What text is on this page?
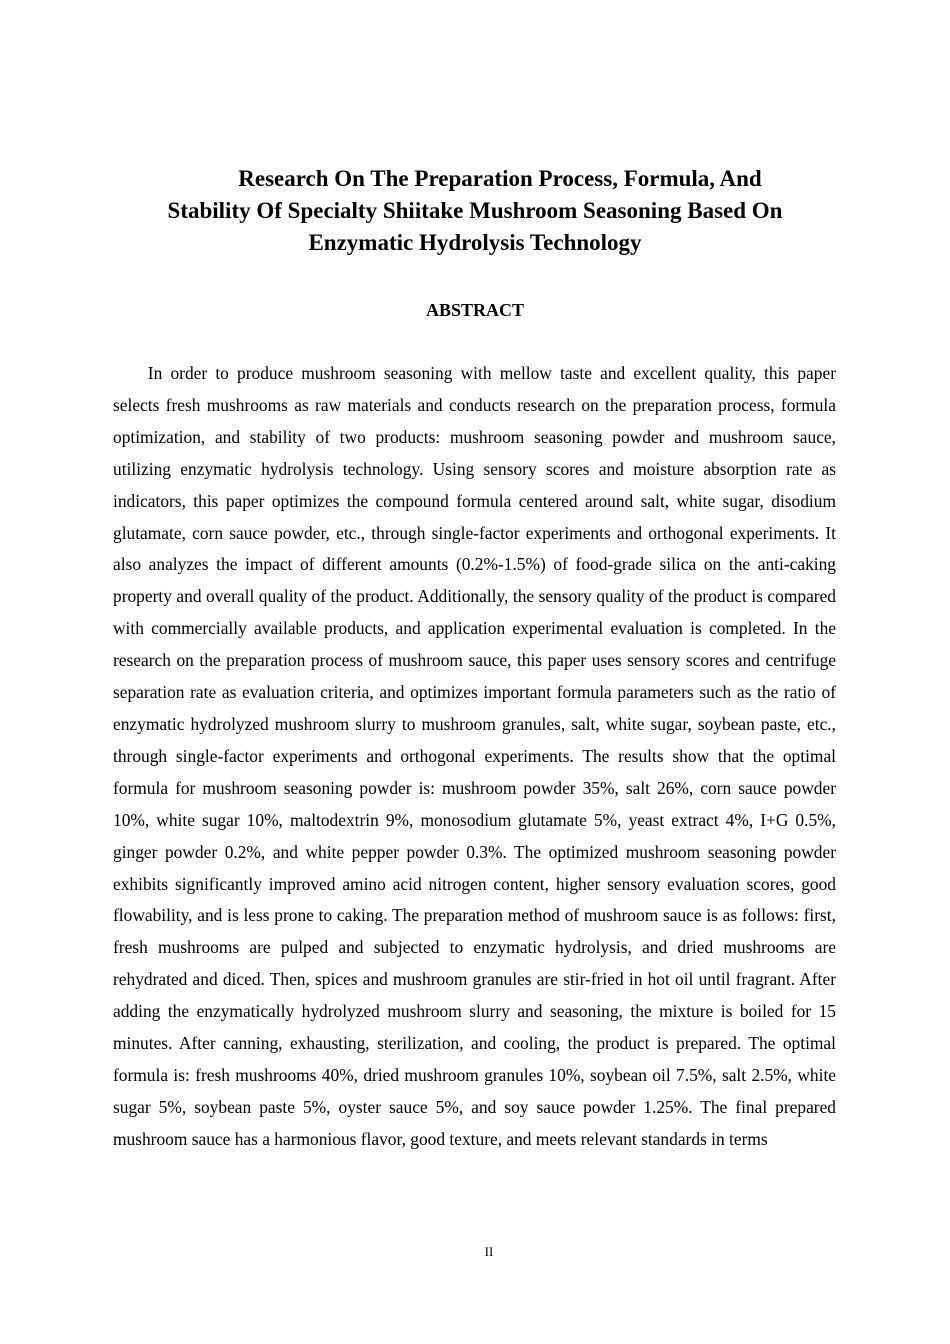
Research On The Preparation Process, Formula, And
Stability Of Specialty Shiitake Mushroom Seasoning Based On
Enzymatic Hydrolysis Technology
ABSTRACT

In order to produce mushroom seasoning with mellow taste and excellent quality, this paper selects fresh mushrooms as raw materials and conducts research on the preparation process, formula optimization, and stability of two products: mushroom seasoning powder and mushroom sauce, utilizing enzymatic hydrolysis technology. Using sensory scores and moisture absorption rate as indicators, this paper optimizes the compound formula centered around salt, white sugar, disodium glutamate, corn sauce powder, etc., through single-factor experiments and orthogonal experiments. It also analyzes the impact of different amounts (0.2%-1.5%) of food-grade silica on the anti-caking property and overall quality of the product. Additionally, the sensory quality of the product is compared with commercially available products, and application experimental evaluation is completed. In the research on the preparation process of mushroom sauce, this paper uses sensory scores and centrifuge separation rate as evaluation criteria, and optimizes important formula parameters such as the ratio of enzymatic hydrolyzed mushroom slurry to mushroom granules, salt, white sugar, soybean paste, etc., through single-factor experiments and orthogonal experiments. The results show that the optimal formula for mushroom seasoning powder is: mushroom powder 35%, salt 26%, corn sauce powder 10%, white sugar 10%, maltodextrin 9%, monosodium glutamate 5%, yeast extract 4%, I+G 0.5%, ginger powder 0.2%, and white pepper powder 0.3%. The optimized mushroom seasoning powder exhibits significantly improved amino acid nitrogen content, higher sensory evaluation scores, good flowability, and is less prone to caking. The preparation method of mushroom sauce is as follows: first, fresh mushrooms are pulped and subjected to enzymatic hydrolysis, and dried mushrooms are rehydrated and diced. Then, spices and mushroom granules are stir-fried in hot oil until fragrant. After adding the enzymatically hydrolyzed mushroom slurry and seasoning, the mixture is boiled for 15 minutes. After canning, exhausting, sterilization, and cooling, the product is prepared. The optimal formula is: fresh mushrooms 40%, dried mushroom granules 10%, soybean oil 7.5%, salt 2.5%, white sugar 5%, soybean paste 5%, oyster sauce 5%, and soy sauce powder 1.25%. The final prepared mushroom sauce has a harmonious flavor, good texture, and meets relevant standards in terms

II
